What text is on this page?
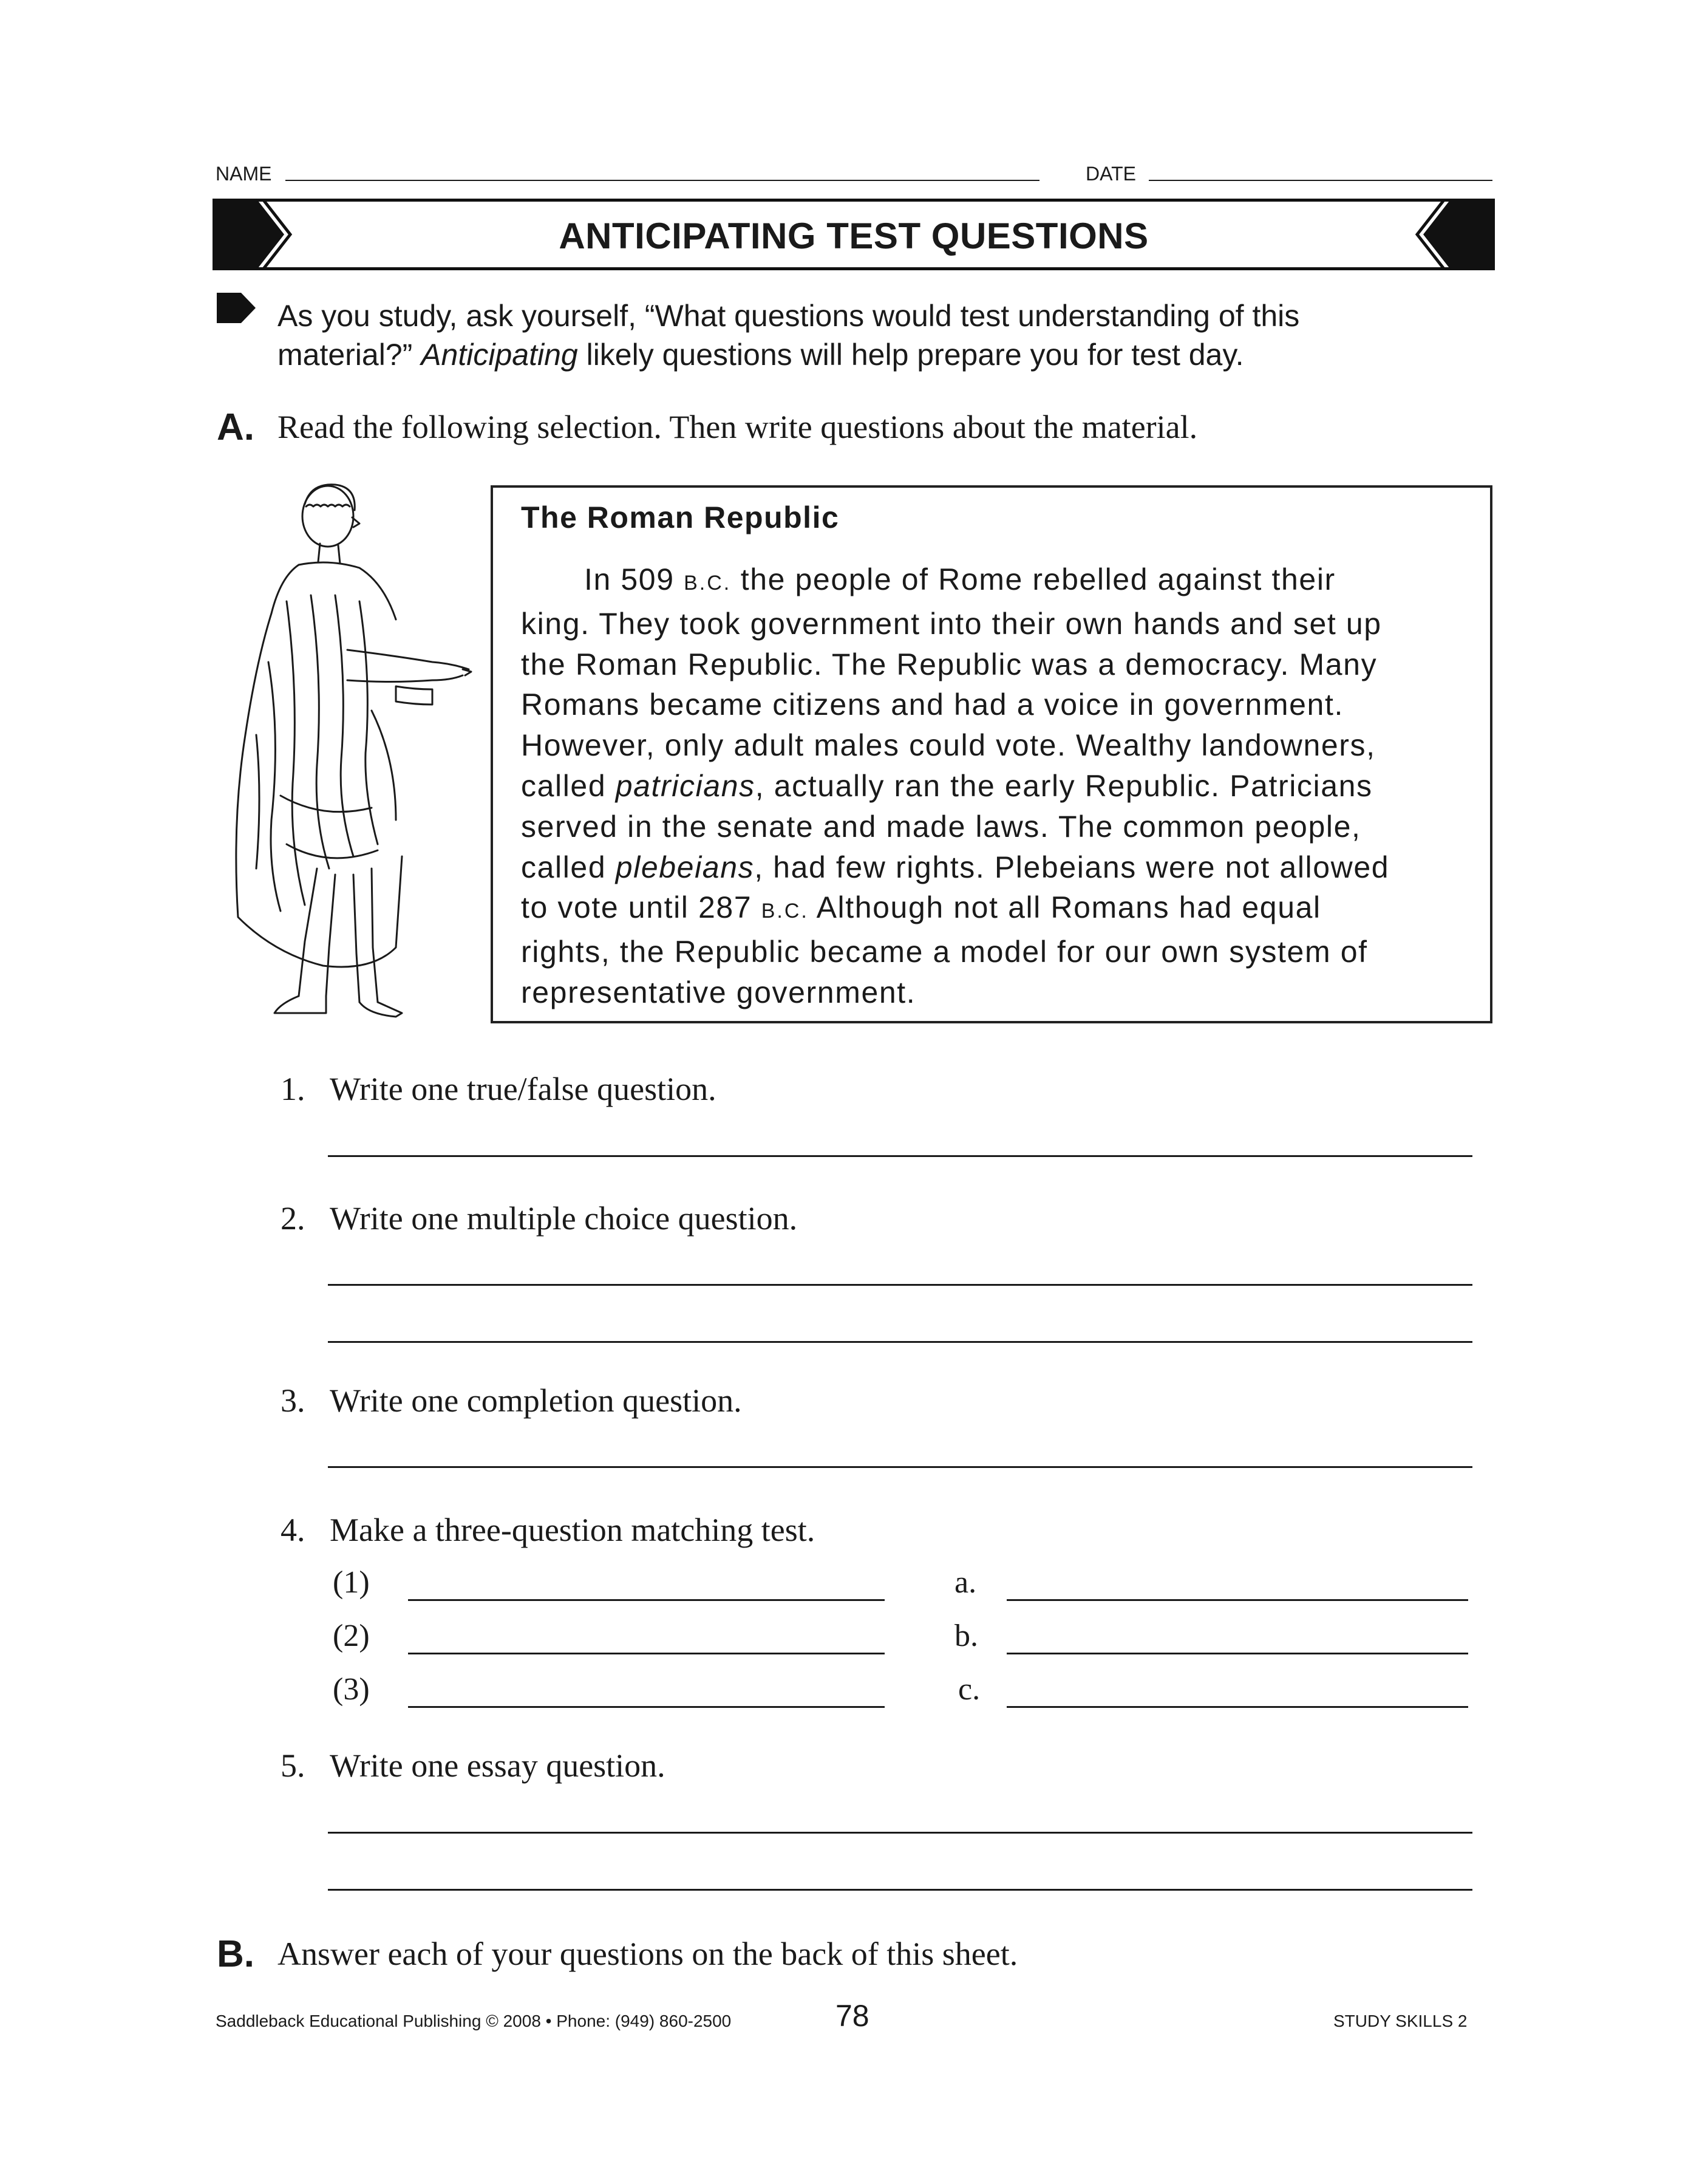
NAME	DATE
ANTICIPATING TEST QUESTIONS
As you study, ask yourself, “What questions would test understanding of this
material?” Anticipating likely questions will help prepare you for test day.
A. Read the following selection. Then write questions about the material.
The Roman Republic
In 509 B.C. the people of Rome rebelled against their
king. They took government into their own hands and set up
the Roman Republic. The Republic was a democracy. Many
Romans became citizens and had a voice in government.
However, only adult males could vote. Wealthy landowners,
called patricians, actually ran the early Republic. Patricians
served in the senate and made laws. The common people,
called plebeians, had few rights. Plebeians were not allowed
to vote until 287 B.C. Although not all Romans had equal
rights, the Republic became a model for our own system of
representative government.
1. Write one true/false question.
2. Write one multiple choice question.
3. Write one completion question.
4. Make a three-question matching test.
(1)	a.
(2)	b.
(3)	c.
5. Write one essay question.
B. Answer each of your questions on the back of this sheet.
Saddleback Educational Publishing © 2008 • Phone: (949) 860-2500	78	STUDY SKILLS 2
